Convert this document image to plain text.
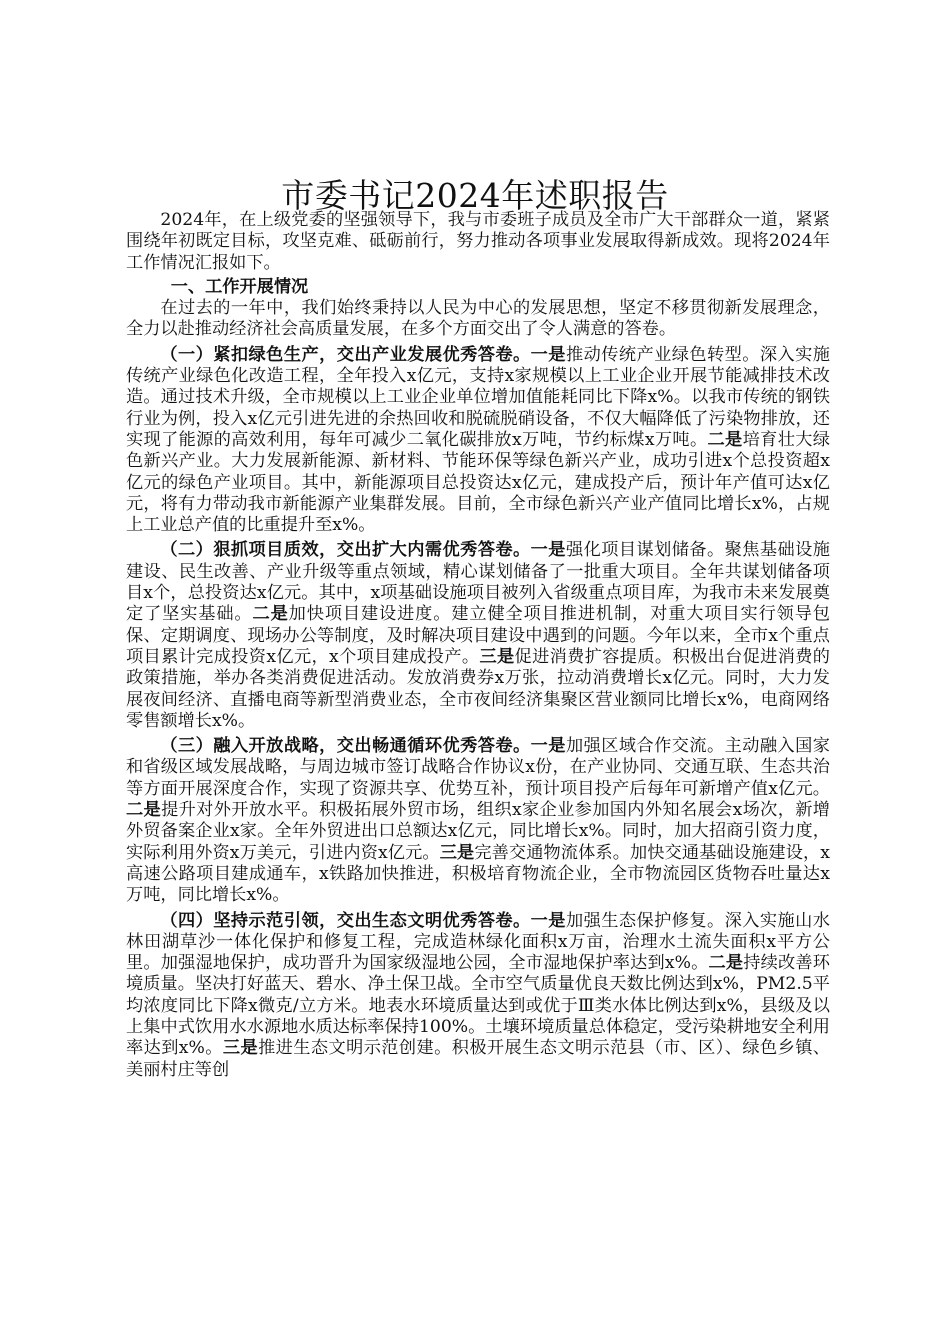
市委书记2024年述职报告

2024年，在上级党委的坚强领导下，我与市委班子成员及全市广大干部群众一道，紧紧围绕年初既定目标，攻坚克难、砥砺前行，努力推动各项事业发展取得新成效。现将2024年工作情况汇报如下。

一、工作开展情况

在过去的一年中，我们始终秉持以人民为中心的发展思想，坚定不移贯彻新发展理念，全力以赴推动经济社会高质量发展，在多个方面交出了令人满意的答卷。

（一）紧扣绿色生产，交出产业发展优秀答卷。一是推动传统产业绿色转型。深入实施传统产业绿色化改造工程，全年投入x亿元，支持x家规模以上工业企业开展节能减排技术改造。通过技术升级，全市规模以上工业企业单位增加值能耗同比下降x%。以我市传统的钢铁行业为例，投入x亿元引进先进的余热回收和脱硫脱硝设备，不仅大幅降低了污染物排放，还实现了能源的高效利用，每年可减少二氧化碳排放x万吨，节约标煤x万吨。二是培育壮大绿色新兴产业。大力发展新能源、新材料、节能环保等绿色新兴产业，成功引进x个总投资超x亿元的绿色产业项目。其中，新能源项目总投资达x亿元，建成投产后，预计年产值可达x亿元，将有力带动我市新能源产业集群发展。目前，全市绿色新兴产业产值同比增长x%，占规上工业总产值的比重提升至x%。

（二）狠抓项目质效，交出扩大内需优秀答卷。一是强化项目谋划储备。聚焦基础设施建设、民生改善、产业升级等重点领域，精心谋划储备了一批重大项目。全年共谋划储备项目x个，总投资达x亿元。其中，x项基础设施项目被列入省级重点项目库，为我市未来发展奠定了坚实基础。二是加快项目建设进度。建立健全项目推进机制，对重大项目实行领导包保、定期调度、现场办公等制度，及时解决项目建设中遇到的问题。今年以来，全市x个重点项目累计完成投资x亿元，x个项目建成投产。三是促进消费扩容提质。积极出台促进消费的政策措施，举办各类消费促进活动。发放消费券x万张，拉动消费增长x亿元。同时，大力发展夜间经济、直播电商等新型消费业态，全市夜间经济集聚区营业额同比增长x%，电商网络零售额增长x%。

（三）融入开放战略，交出畅通循环优秀答卷。一是加强区域合作交流。主动融入国家和省级区域发展战略，与周边城市签订战略合作协议x份，在产业协同、交通互联、生态共治等方面开展深度合作，实现了资源共享、优势互补，预计项目投产后每年可新增产值x亿元。二是提升对外开放水平。积极拓展外贸市场，组织x家企业参加国内外知名展会x场次，新增外贸备案企业x家。全年外贸进出口总额达x亿元，同比增长x%。同时，加大招商引资力度，实际利用外资x万美元，引进内资x亿元。三是完善交通物流体系。加快交通基础设施建设，x高速公路项目建成通车，x铁路加快推进，积极培育物流企业，全市物流园区货物吞吐量达x万吨，同比增长x%。

（四）坚持示范引领，交出生态文明优秀答卷。一是加强生态保护修复。深入实施山水林田湖草沙一体化保护和修复工程，完成造林绿化面积x万亩，治理水土流失面积x平方公里。加强湿地保护，成功晋升为国家级湿地公园，全市湿地保护率达到x%。二是持续改善环境质量。坚决打好蓝天、碧水、净土保卫战。全市空气质量优良天数比例达到x%，PM2.5平均浓度同比下降x微克/立方米。地表水环境质量达到或优于Ⅲ类水体比例达到x%，县级及以上集中式饮用水水源地水质达标率保持100%。土壤环境质量总体稳定，受污染耕地安全利用率达到x%。三是推进生态文明示范创建。积极开展生态文明示范县（市、区）、绿色乡镇、美丽村庄等创
